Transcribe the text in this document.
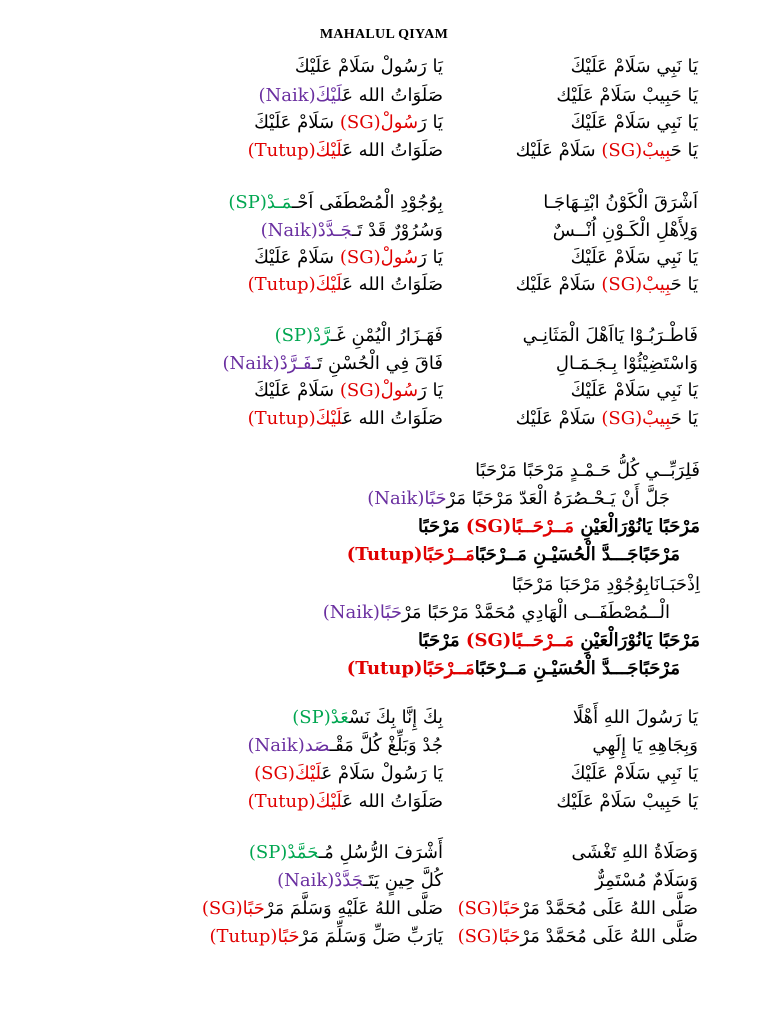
MAHALUL QIYAM
يَا نَبِي سَلَامْ عَلَيْكَ
يَا رَسُولْ سَلَامْ عَلَيْكَ
يَا حَبِيبْ سَلَامْ عَلَيْك
صَلَوَاتُ الله عَلَيْكَ(Naik)
يَا نَبِي سَلَامْ عَلَيْكَ
يَا رَسُولْ(SG) سَلَامْ عَلَيْكَ
يَا حَبِيبْ(SG) سَلَامْ عَلَيْك
صَلَوَاتُ الله عَلَيْكَ(Tutup)
اَشْرَقَ الْكَوْنُ ابْتِـهَاجَـا
بِوُجُوْدِ الْمُصْطَفَى اَحْـمَـدْ(SP)
وَلِأَهْلِ الْكَـوْنِ اُنْــسٌ
وَسُرُوْرٌ قَدْ تَـجَـدَّدْ(Naik)
يَا نَبِي سَلَامْ عَلَيْكَ
يَا رَسُولْ(SG) سَلَامْ عَلَيْكَ
يَا حَبِيبْ(SG) سَلَامْ عَلَيْك
صَلَوَاتُ الله عَلَيْكَ(Tutup)
فَاطْـرَبُـوْا يَااَهْلَ الْمَثَانِـي
فَهَـزَارُ الْيُمْنِ غَـرَّدْ(SP)
وَاسْتَضِيْئُوْا بِـجَـمَـالِ
فَاقَ فِي الْحُسْنِ تَـفَـرَّدْ(Naik)
يَا نَبِي سَلَامْ عَلَيْكَ
يَا رَسُولْ(SG) سَلَامْ عَلَيْكَ
يَا حَبِيبْ(SG) سَلَامْ عَلَيْك
صَلَوَاتُ الله عَلَيْكَ(Tutup)
فَلِرَبِّــي كُلُّ حَـمْـدٍ مَرْحَبًا مَرْحَبًا
جَلَّ أَنْ يَـحْـصُرَهُ الْعَدّ مَرْحَبًا مَرْحَبًا(Naik)
مَرْحَبًا يَانُوْرَالْعَيْنِ مَــرْحَــبًا(SG) مَرْحَبًا
مَرْحَبًاجَـــدَّ الْحُسَيْـنِ مَــرْحَبًامَــرْحَبًا(Tutup)
اِذْحَبَـانَابِوُجُوْدِ مَرْحَبَا مَرْحَبًا
الْــمُصْطَفَــى الْهَادِي مُحَمَّدْ مَرْحَبًا مَرْحَبًا(Naik)
مَرْحَبًا يَانُوْرَالْعَيْنِ مَــرْحَــبًا(SG) مَرْحَبًا
مَرْحَبًاجَـــدَّ الْحُسَيْـنِ مَــرْحَبًامَــرْحَبًا(Tutup)
يَا رَسُولَ اللهِ أَهْلًا
بِكَ إِنَّا بِكَ نَسْعَدْ(SP)
وَبِجَاهِهِ يَا إِلَهِي
جُدْ وَبَلِّغْ كُلَّ مَقْـصَد(Naik)
يَا نَبِي سَلَامْ عَلَيْكَ
يَا رَسُولْ سَلَامْ عَلَيْكَ(SG)
يَا حَبِيبْ سَلَامْ عَلَيْك
صَلَوَاتُ الله عَلَيْكَ(Tutup)
وَصَلَاةُ اللهِ تَغْشَى
أَشْرَفَ الرُّسُلِ مُـحَمَّدْ(SP)
وَسَلَامٌ مُسْتَمِرٌّ
كُلَّ حِينٍ يَتَـجَدَّدْ(Naik)
صَلَّى اللهُ عَلَى مُحَمَّدْ مَرْحَبًا(SG)
صَلَّى اللهُ عَلَيْهِ وَسَلَّمَ مَرْحَبًا(SG)
صَلَّى اللهُ عَلَى مُحَمَّدْ مَرْحَبًا(SG)
يَارَبِّ صَلِّ وَسَلِّمَ مَرْحَبًا(Tutup)
